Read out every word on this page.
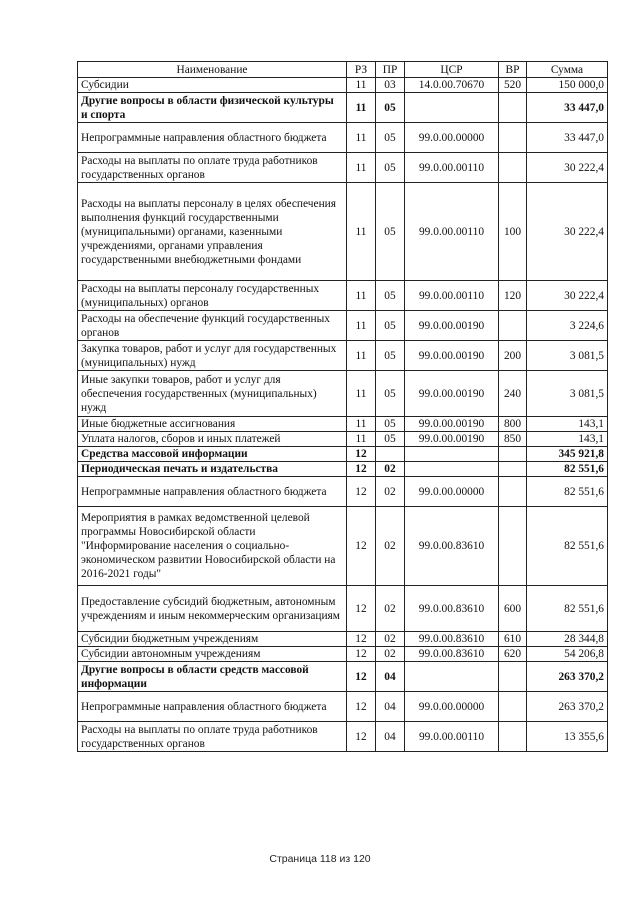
Наименование	РЗ	ПР	ЦСР	ВР	Сумма
Субсидии	11	03	14.0.00.70670	520	150 000,0
Другие вопросы в области физической культуры и спорта	11	05			33 447,0
Непрограммные направления областного бюджета	11	05	99.0.00.00000		33 447,0
Расходы на выплаты по оплате труда работников государственных органов	11	05	99.0.00.00110		30 222,4
Расходы на выплаты персоналу в целях обеспечения выполнения функций государственными (муниципальными) органами, казенными учреждениями, органами управления государственными внебюджетными фондами	11	05	99.0.00.00110	100	30 222,4
Расходы на выплаты персоналу государственных (муниципальных) органов	11	05	99.0.00.00110	120	30 222,4
Расходы на обеспечение функций государственных органов	11	05	99.0.00.00190		3 224,6
Закупка товаров, работ и услуг для государственных (муниципальных) нужд	11	05	99.0.00.00190	200	3 081,5
Иные закупки товаров, работ и услуг для обеспечения государственных (муниципальных) нужд	11	05	99.0.00.00190	240	3 081,5
Иные бюджетные ассигнования	11	05	99.0.00.00190	800	143,1
Уплата налогов, сборов и иных платежей	11	05	99.0.00.00190	850	143,1
Средства массовой информации	12				345 921,8
Периодическая печать и издательства	12	02			82 551,6
Непрограммные направления областного бюджета	12	02	99.0.00.00000		82 551,6
Мероприятия в рамках ведомственной целевой программы Новосибирской области "Информирование населения о социально-экономическом развитии Новосибирской области на 2016-2021 годы"	12	02	99.0.00.83610		82 551,6
Предоставление субсидий бюджетным, автономным учреждениям и иным некоммерческим организациям	12	02	99.0.00.83610	600	82 551,6
Субсидии бюджетным учреждениям	12	02	99.0.00.83610	610	28 344,8
Субсидии автономным учреждениям	12	02	99.0.00.83610	620	54 206,8
Другие вопросы в области средств массовой информации	12	04			263 370,2
Непрограммные направления областного бюджета	12	04	99.0.00.00000		263 370,2
Расходы на выплаты по оплате труда работников государственных органов	12	04	99.0.00.00110		13 355,6
Страница 118 из 120
